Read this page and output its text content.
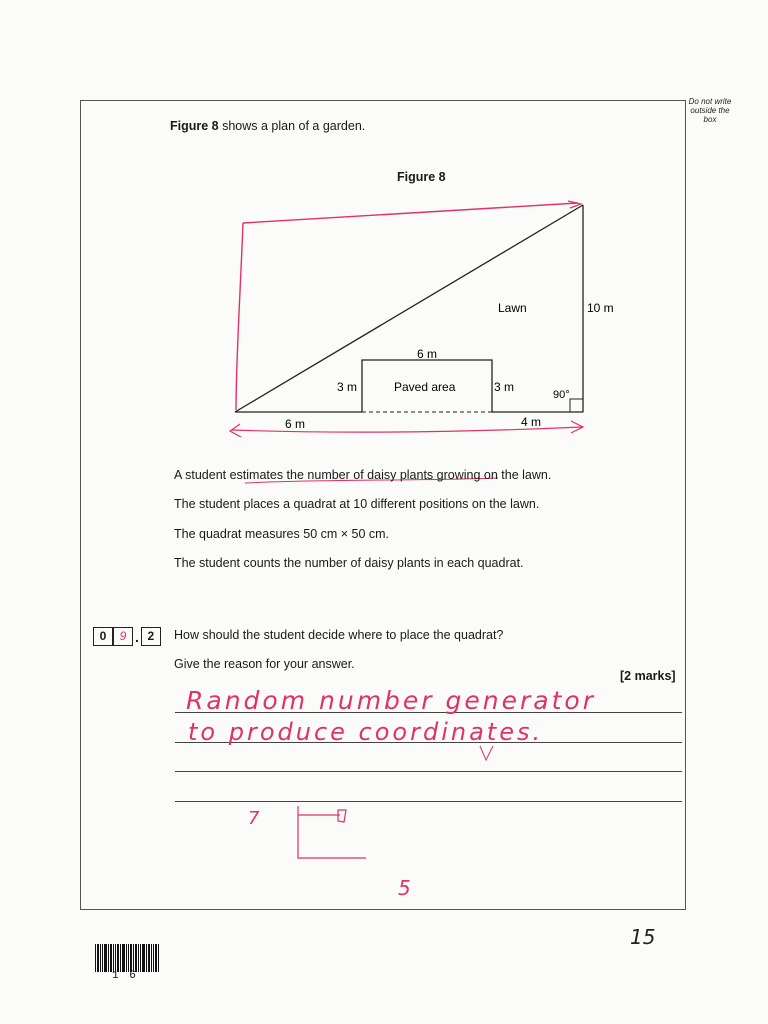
Do not write outside the box
Figure 8 shows a plan of a garden.
Figure 8
Lawn	10 m
6 m
3 m	Paved area	3 m
90°
6 m	4 m
A student estimates the number of daisy plants growing on the lawn.
The student places a quadrat at 10 different positions on the lawn.
The quadrat measures 50 cm × 50 cm.
The student counts the number of daisy plants in each quadrat.
0	9 . 2	How should the student decide where to place the quadrat?
Give the reason for your answer.
[2 marks]
Random number generator
to produce coordinates.
7
5
15
1 6
